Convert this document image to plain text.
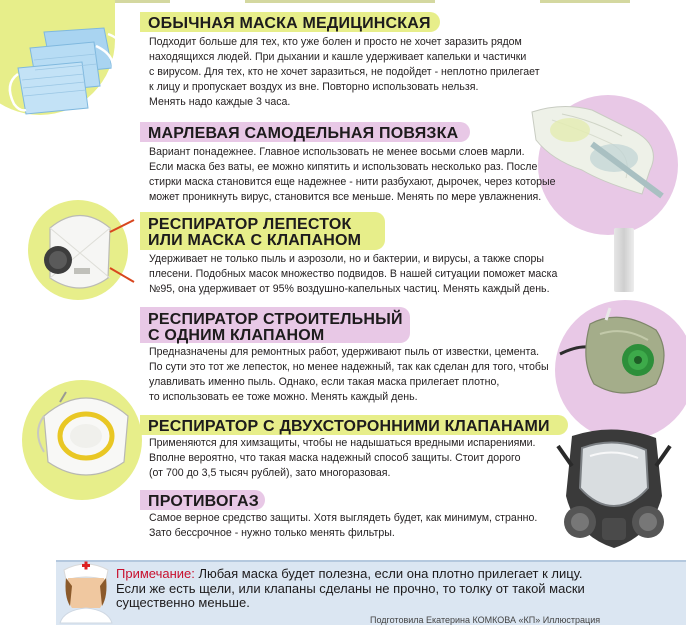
ОБЫЧНАЯ МАСКА МЕДИЦИНСКАЯ
Подходит больше для тех, кто уже болен и просто не хочет заразить рядом
находящихся людей. При дыхании и кашле удерживает капельки и частички
с вирусом. Для тех, кто не хочет заразиться, не подойдет - неплотно прилегает
к лицу и пропускает воздух из вне. Повторно использовать нельзя.
Менять надо каждые 3 часа.
МАРЛЕВАЯ САМОДЕЛЬНАЯ ПОВЯЗКА
Вариант понадежнее. Главное использовать не менее восьми слоев марли.
Если маска без ваты, ее можно кипятить и использовать несколько раз. После
стирки маска становится еще надежнее - нити разбухают, дырочек, через которые
может проникнуть вирус, становится все меньше. Менять по мере увлажнения.
РЕСПИРАТОР ЛЕПЕСТОК
ИЛИ МАСКА С КЛАПАНОМ
Удерживает не только пыль и аэрозоли, но и бактерии, и вирусы, а также споры
плесени. Подобных масок множество подвидов. В нашей ситуации поможет маска
№95, она удерживает от 95% воздушно-капельных частиц. Менять каждый день.
РЕСПИРАТОР СТРОИТЕЛЬНЫЙ
С ОДНИМ КЛАПАНОМ
Предназначены для ремонтных работ, удерживают пыль от известки, цемента.
По сути это тот же лепесток, но менее надежный, так как сделан для того, чтобы
улавливать именно пыль. Однако, если такая маска прилегает плотно,
то использовать ее тоже можно. Менять каждый день.
РЕСПИРАТОР С ДВУХСТОРОННИМИ КЛАПАНАМИ
Применяются для химзащиты, чтобы не надышаться вредными испарениями.
Вполне вероятно, что такая маска надежный способ защиты. Стоит дорого
(от 700 до 3,5 тысяч рублей), зато многоразовая.
ПРОТИВОГАЗ
Самое верное средство защиты. Хотя выглядеть будет, как минимум, странно.
Зато бессрочное - нужно только менять фильтры.
Примечание: Любая маска будет полезна, если она плотно прилегает к лицу.
Если же есть щели, или клапаны сделаны не прочно, то толку от такой маски
существенно меньше.
Подготовила Екатерина КОМКОВА «КП» Иллюстрация
